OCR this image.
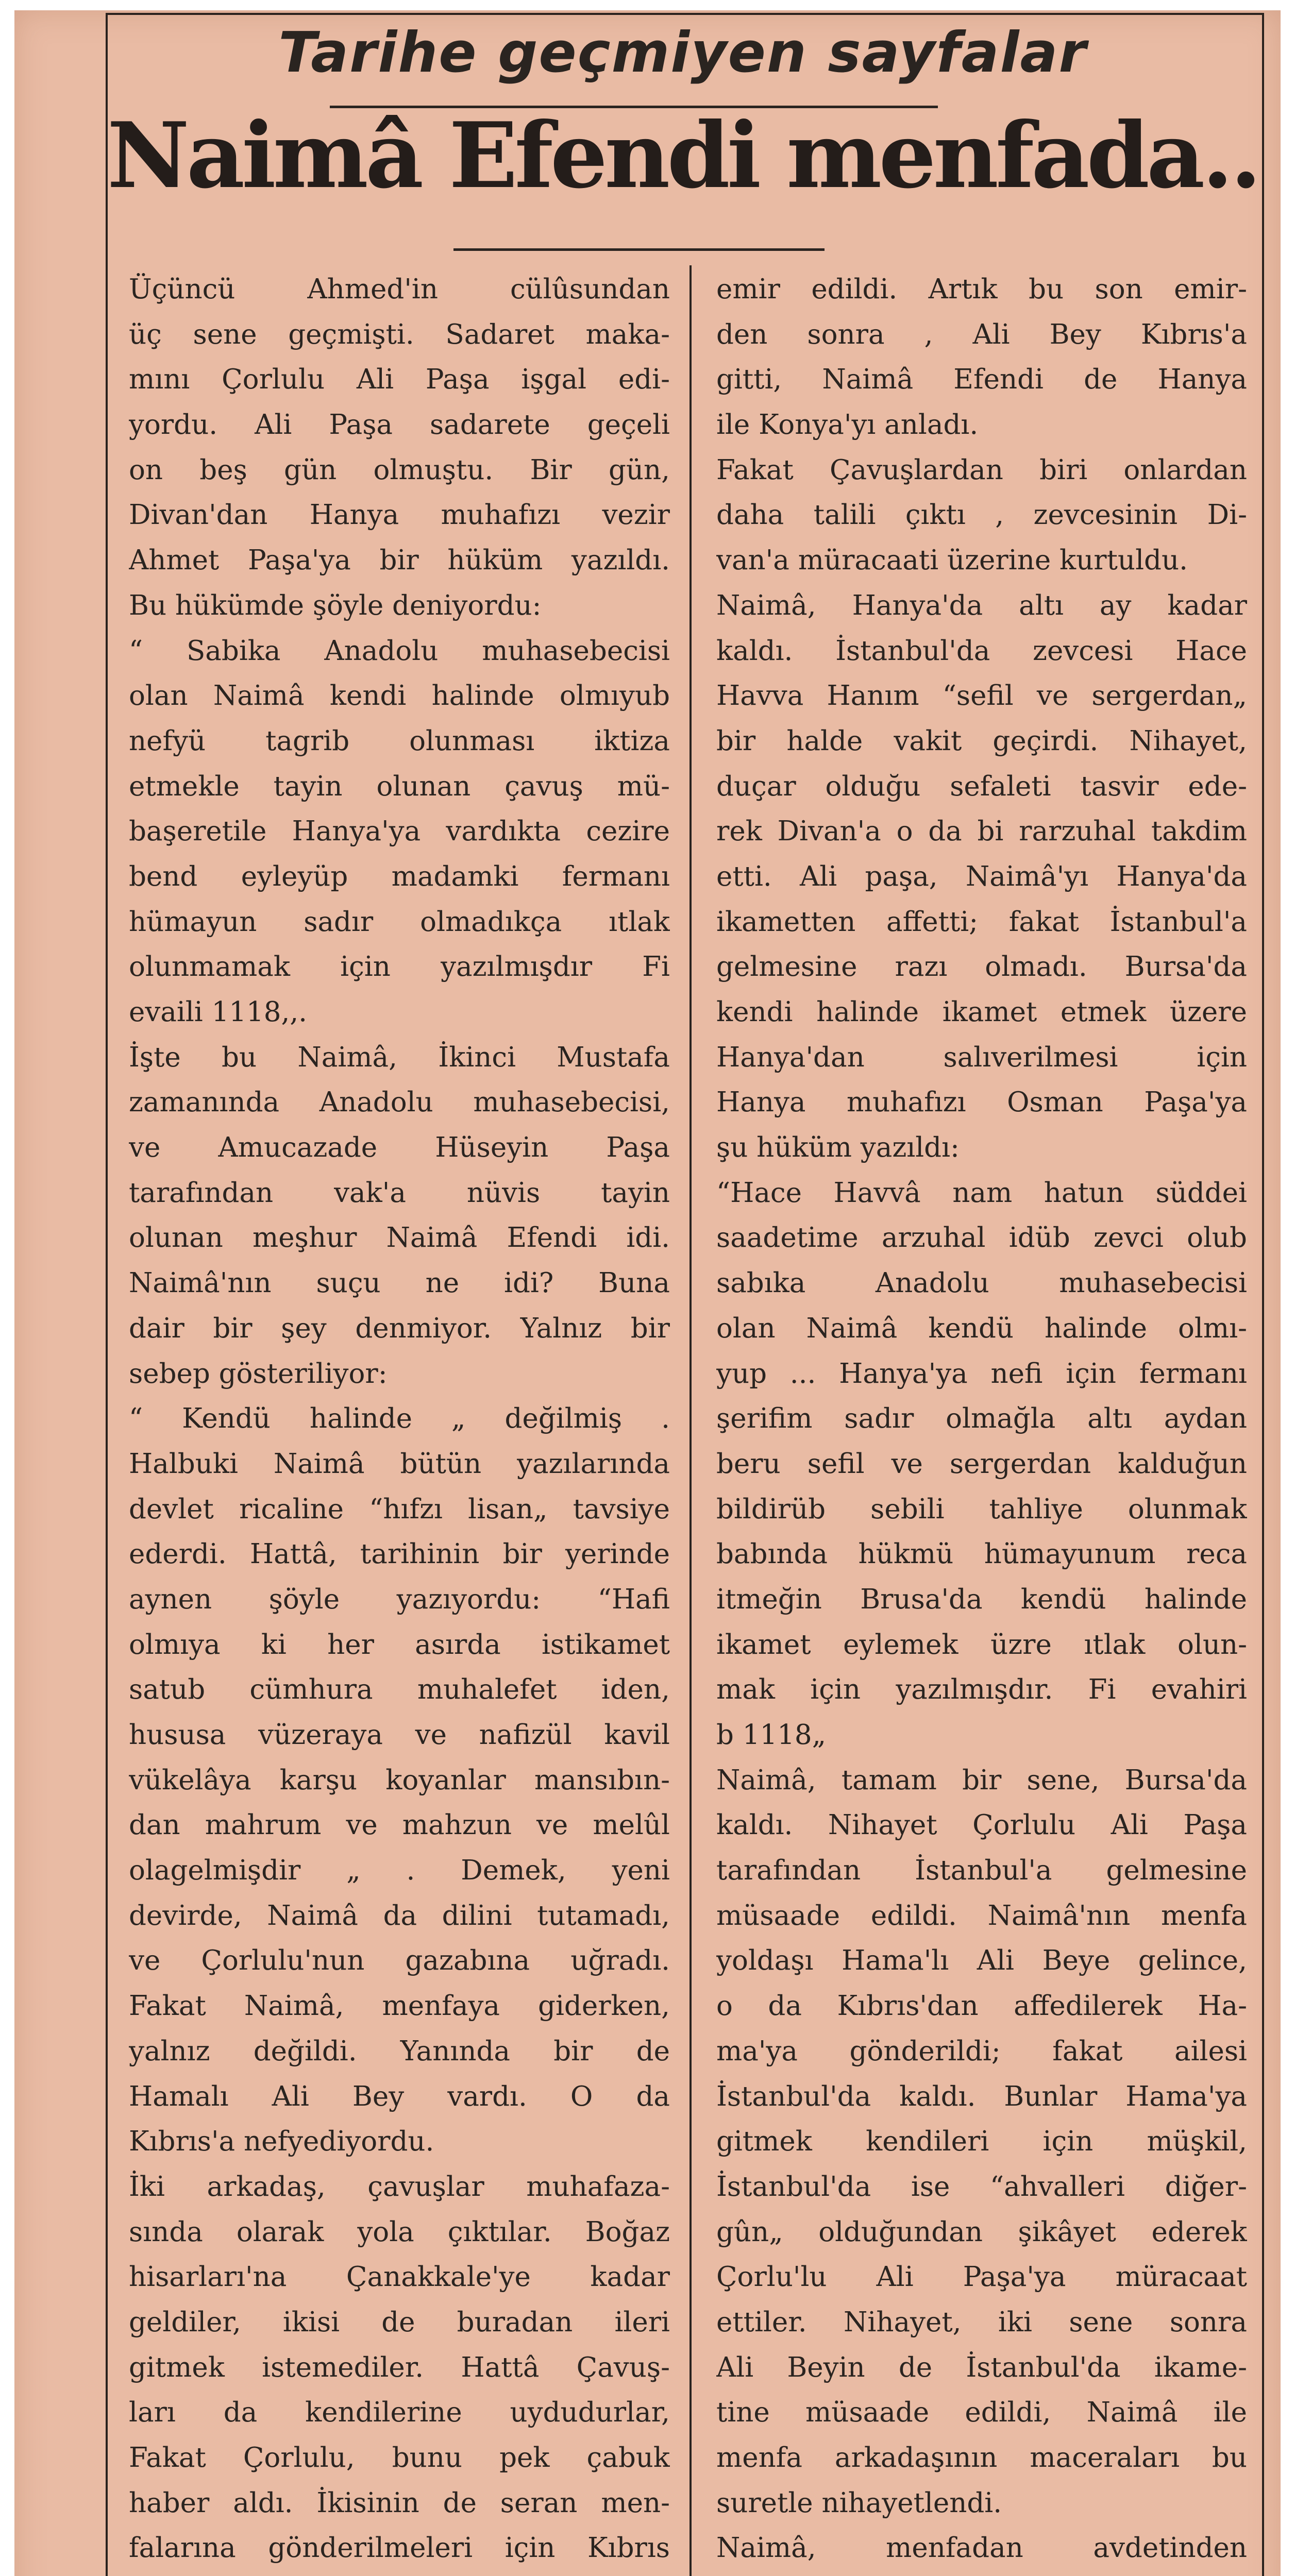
Tarihe geçmiyen sayfalar
Naimâ Efendi menfada..
Üçüncü Ahmed'in cülûsundan
üç sene geçmişti. Sadaret maka-
mını Çorlulu Ali Paşa işgal edi-
yordu. Ali Paşa sadarete geçeli
on beş gün olmuştu. Bir gün,
Divan'dan Hanya muhafızı vezir
Ahmet Paşa'ya bir hüküm yazıldı.
Bu hükümde şöyle deniyordu:
“ Sabika Anadolu muhasebecisi
olan Naimâ kendi halinde olmıyub
nefyü tagrib olunması iktiza
etmekle tayin olunan çavuş mü-
başeretile Hanya'ya vardıkta cezire
bend eyleyüp madamki fermanı
hümayun sadır olmadıkça ıtlak
olunmamak için yazılmışdır Fi
evaili 1118,,.
İşte bu Naimâ, İkinci Mustafa
zamanında Anadolu muhasebecisi,
ve Amucazade Hüseyin Paşa
tarafından vak'a nüvis tayin
olunan meşhur Naimâ Efendi idi.
Naimâ'nın suçu ne idi? Buna
dair bir şey denmiyor. Yalnız bir
sebep gösteriliyor:
“ Kendü halinde „ değilmiş .
Halbuki Naimâ bütün yazılarında
devlet ricaline “hıfzı lisan„ tavsiye
ederdi. Hattâ, tarihinin bir yerinde
aynen şöyle yazıyordu: “Hafi
olmıya ki her asırda istikamet
satub cümhura muhalefet iden,
hususa vüzeraya ve nafizül kavil
vükelâya karşu koyanlar mansıbın-
dan mahrum ve mahzun ve melûl
olagelmişdir „ . Demek, yeni
devirde, Naimâ da dilini tutamadı,
ve Çorlulu'nun gazabına uğradı.
Fakat Naimâ, menfaya giderken,
yalnız değildi. Yanında bir de
Hamalı Ali Bey vardı. O da
Kıbrıs'a nefyediyordu.
İki arkadaş, çavuşlar muhafaza-
sında olarak yola çıktılar. Boğaz
hisarları'na Çanakkale'ye kadar
geldiler, ikisi de buradan ileri
gitmek istemediler. Hattâ Çavuş-
ları da kendilerine uydudurlar,
Fakat Çorlulu, bunu pek çabuk
haber aldı. İkisinin de seran men-
falarına gönderilmeleri için Kıbrıs
emir edildi. Artık bu son emir-
den sonra , Ali Bey Kıbrıs'a
gitti, Naimâ Efendi de Hanya
ile Konya'yı anladı.
Fakat Çavuşlardan biri onlardan
daha talili çıktı , zevcesinin Di-
van'a müracaati üzerine kurtuldu.
Naimâ, Hanya'da altı ay kadar
kaldı. İstanbul'da zevcesi Hace
Havva Hanım “sefil ve sergerdan„
bir halde vakit geçirdi. Nihayet,
duçar olduğu sefaleti tasvir ede-
rek Divan'a o da bi rarzuhal takdim
etti. Ali paşa, Naimâ'yı Hanya'da
ikametten affetti; fakat İstanbul'a
gelmesine razı olmadı. Bursa'da
kendi halinde ikamet etmek üzere
Hanya'dan salıverilmesi için
Hanya muhafızı Osman Paşa'ya
şu hüküm yazıldı:
“Hace Havvâ nam hatun süddei
saadetime arzuhal idüb zevci olub
sabıka Anadolu muhasebecisi
olan Naimâ kendü halinde olmı-
yup ... Hanya'ya nefi için fermanı
şerifim sadır olmağla altı aydan
beru sefil ve sergerdan kalduğun
bildirüb sebili tahliye olunmak
babında hükmü hümayunum reca
itmeğin Brusa'da kendü halinde
ikamet eylemek üzre ıtlak olun-
mak için yazılmışdır. Fi evahiri
b 1118„
Naimâ, tamam bir sene, Bursa'da
kaldı. Nihayet Çorlulu Ali Paşa
tarafından İstanbul'a gelmesine
müsaade edildi. Naimâ'nın menfa
yoldaşı Hama'lı Ali Beye gelince,
o da Kıbrıs'dan affedilerek Ha-
ma'ya gönderildi; fakat ailesi
İstanbul'da kaldı. Bunlar Hama'ya
gitmek kendileri için müşkil,
İstanbul'da ise “ahvalleri diğer-
gûn„ olduğundan şikâyet ederek
Çorlu'lu Ali Paşa'ya müracaat
ettiler. Nihayet, iki sene sonra
Ali Beyin de İstanbul'da ikame-
tine müsaade edildi, Naimâ ile
menfa arkadaşının maceraları bu
suretle nihayetlendi.
Naimâ, menfadan avdetinden
